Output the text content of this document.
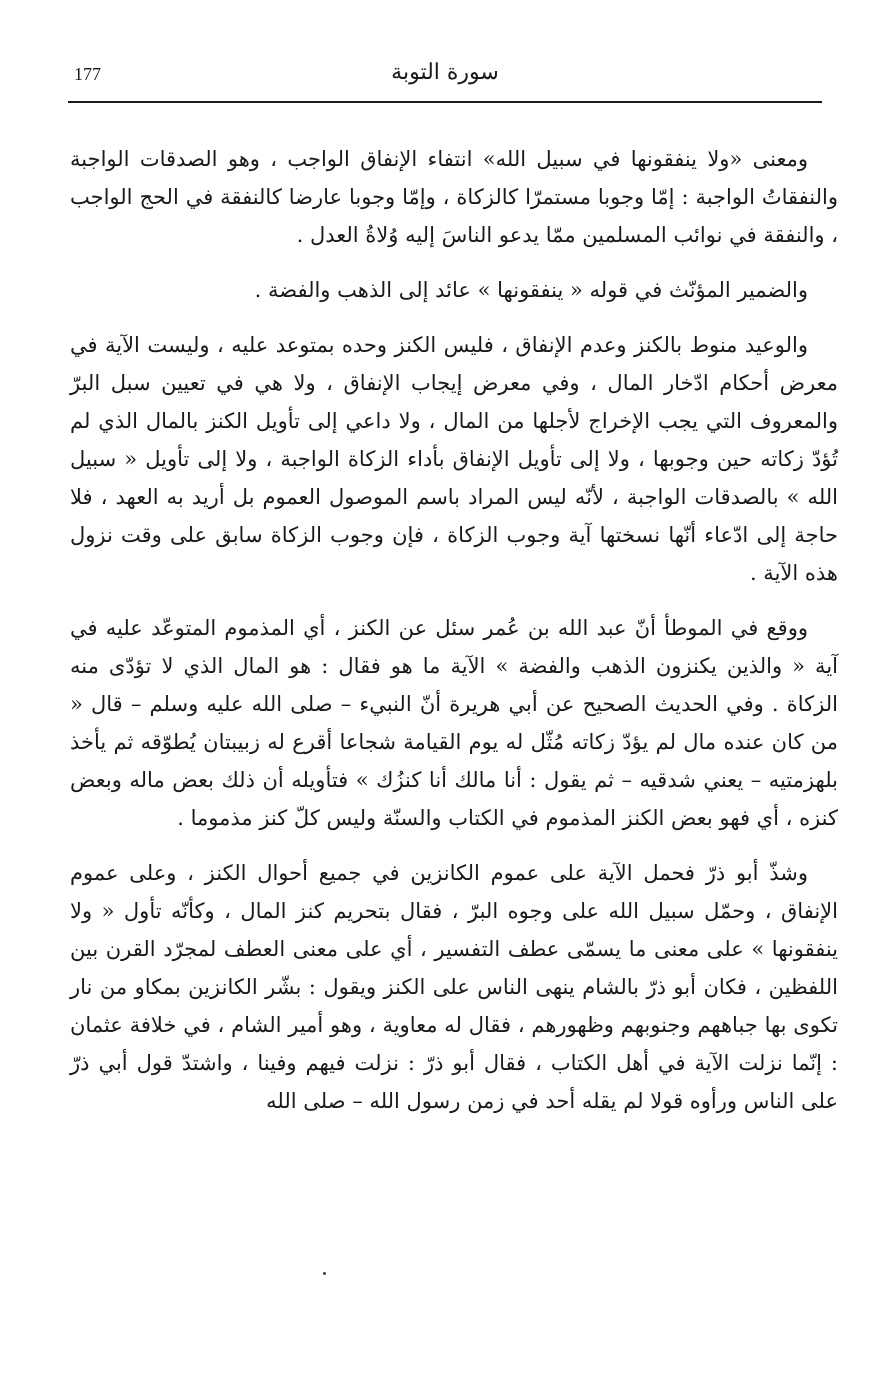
177	سورة التوبة

ومعنى «ولا ينفقونها في سبيل الله» انتفاء الإنفاق الواجب ، وهو الصدقات الواجبة والنفقاتُ الواجبة : إمّا وجوبا مستمرّا كالزكاة ، وإمّا وجوبا عارضا كالنفقة في الحج الواجب ، والنفقة في نوائب المسلمين ممّا يدعو الناسَ إليه وُلاةُ العدل .

والضمير المؤنّث في قوله « ينفقونها » عائد إلى الذهب والفضة .

والوعيد منوط بالكنز وعدم الإنفاق ، فليس الكنز وحده بمتوعد عليه ، وليست الآية في معرض أحكام ادّخار المال ، وفي معرض إيجاب الإنفاق ، ولا هي في تعيين سبل البرّ والمعروف التي يجب الإخراج لأجلها من المال ، ولا داعي إلى تأويل الكنز بالمال الذي لم تُؤدّ زكاته حين وجوبها ، ولا إلى تأويل الإنفاق بأداء الزكاة الواجبة ، ولا إلى تأويل « سبيل الله » بالصدقات الواجبة ، لأنّه ليس المراد باسم الموصول العموم بل أريد به العهد ، فلا حاجة إلى ادّعاء أنّها نسختها آية وجوب الزكاة ، فإن وجوب الزكاة سابق على وقت نزول هذه الآية .

ووقع في الموطأ أنّ عبد الله بن عُمر سئل عن الكنز ، أي المذموم المتوعّد عليه في آية « والذين يكنزون الذهب والفضة » الآية ما هو فقال : هو المال الذي لا تؤدّى منه الزكاة . وفي الحديث الصحيح عن أبي هريرة أنّ النبيء – صلى الله عليه وسلم – قال « من كان عنده مال لم يؤدّ زكاته مُثّل له يوم القيامة شجاعا أقرع له زبيبتان يُطوّقه ثم يأخذ بلهزمتيه – يعني شدقيه – ثم يقول : أنا مالك أنا كنزُك » فتأويله أن ذلك بعض ماله وبعض كنزه ، أي فهو بعض الكنز المذموم في الكتاب والسنّة وليس كلّ كنز مذموما .

وشذّ أبو ذرّ فحمل الآية على عموم الكانزين في جميع أحوال الكنز ، وعلى عموم الإنفاق ، وحمّل سبيل الله على وجوه البرّ ، فقال بتحريم كنز المال ، وكأنّه تأول « ولا ينفقونها » على معنى ما يسمّى عطف التفسير ، أي على معنى العطف لمجرّد القرن بين اللفظين ، فكان أبو ذرّ بالشام ينهى الناس على الكنز ويقول : بشّر الكانزين بمكاو من نار تكوى بها جباههم وجنوبهم وظهورهم ، فقال له معاوية ، وهو أمير الشام ، في خلافة عثمان : إنّما نزلت الآية في أهل الكتاب ، فقال أبو ذرّ : نزلت فيهم وفينا ، واشتدّ قول أبي ذرّ على الناس ورأوه قولا لم يقله أحد في زمن رسول الله – صلى الله
